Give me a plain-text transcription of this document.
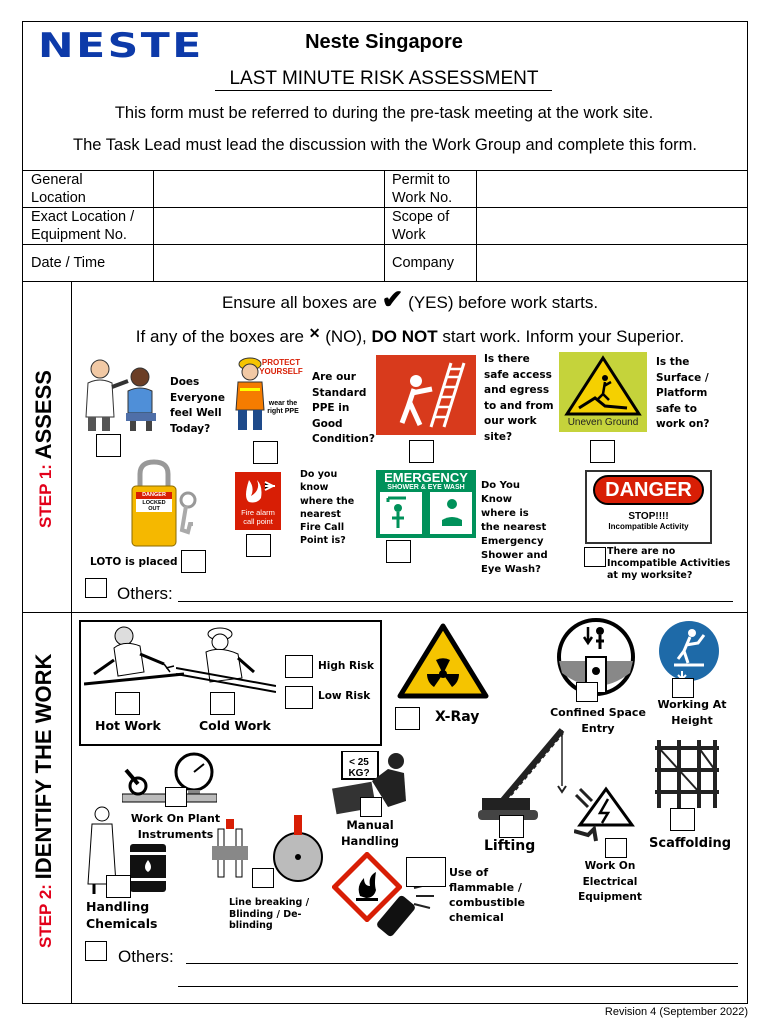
NESTE	Neste Singapore
LAST MINUTE RISK ASSESSMENT
This form must be referred to during the pre-task meeting at the work site.
The Task Lead must lead the discussion with the Work Group and complete this form.
General Location
Permit to Work No.
Exact Location / Equipment No.
Scope of Work
Date / Time	Company
STEP 1: ASSESS
STEP 2: IDENTIFY THE WORK
Ensure all boxes are ✔ (YES) before work starts.
If any of the boxes are ✕ (NO), DO NOT start work. Inform your Superior.
Does Everyone feel Well Today?
PROTECT YOURSELF
wear the right PPE
Are our Standard PPE in Good Condition?
Is there safe access and egress to and from our work site?
Uneven Ground
Is the Surface / Platform safe to work on?
DANGER
LOCKED OUT
LOTO is placed
Fire alarm call point
Do you know where the nearest Fire Call Point is?
EMERGENCY
SHOWER & EYE WASH	Do You Know where is the nearest Emergency Shower and Eye Wash?
DANGER
STOP!!!!
Incompatible Activity
There are no Incompatible Activities at my worksite?
Others:
Hot Work	Cold Work
High Risk
Low Risk
X-Ray	Confined Space Entry
Working At Height
Work On Plant Instruments
< 25 KG?
Manual Handling	Lifting
Work On Electrical Equipment
Scaffolding
Handling Chemicals
Line breaking / Blinding / De-blinding
Use of flammable / combustible chemical
Others:
Revision 4 (September 2022)
